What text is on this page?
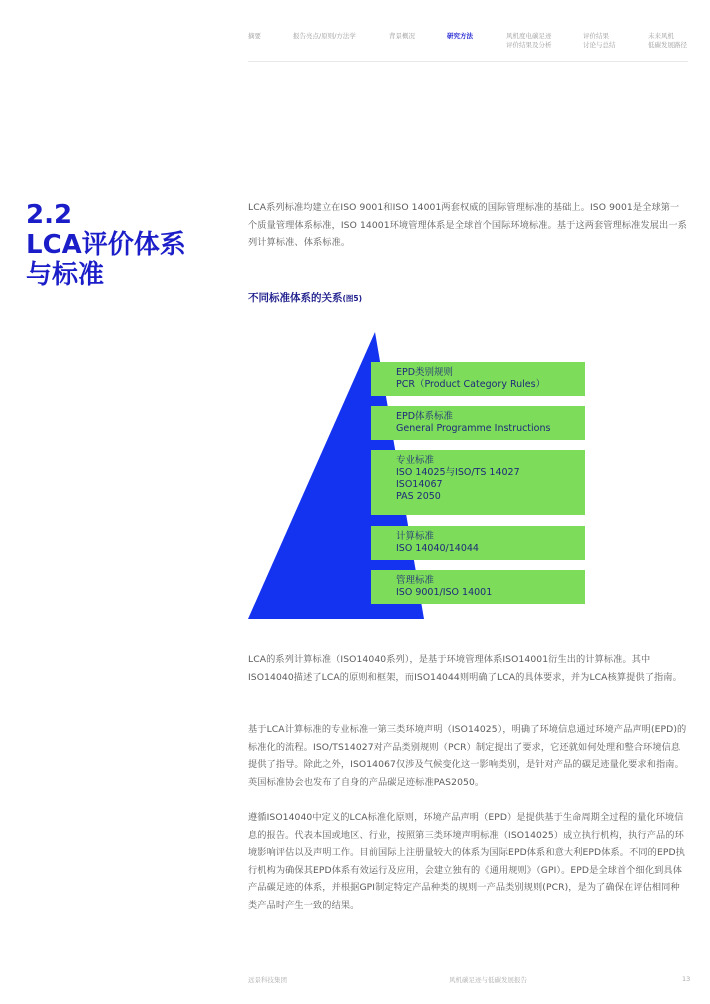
摘要	报告亮点/原则/方法学	背景概况	研究方法	风机度电碳足迹
评价结果及分析
评价结果
讨论与总结
未来风机
低碳发展路径
2.2
LCA评价体系
与标准

LCA系列标准均建立在ISO 9001和ISO 14001两套权威的国际管理标准的基础上。ISO 9001是全球第一个质量管理体系标准，ISO 14001环境管理体系是全球首个国际环境标准。基于这两套管理标准发展出一系列计算标准、体系标准。

不同标准体系的关系(图5)
EPD类别规则
PCR（Product Category Rules）
EPD体系标准
General Programme Instructions
专业标准
ISO 14025与ISO/TS 14027
ISO14067
PAS 2050
计算标准
ISO 14040/14044
管理标准
ISO 9001/ISO 14001

LCA的系列计算标准（ISO14040系列），是基于环境管理体系ISO14001衍生出的计算标准。其中ISO14040描述了LCA的原则和框架，而ISO14044则明确了LCA的具体要求，并为LCA核算提供了指南。

基于LCA计算标准的专业标准一第三类环境声明（ISO14025），明确了环境信息通过环境产品声明(EPD)的标准化的流程。ISO/TS14027对产品类别规则（PCR）制定提出了要求，它还就如何处理和整合环境信息提供了指导。除此之外，ISO14067仅涉及气候变化这一影响类别，是针对产品的碳足迹量化要求和指南。英国标准协会也发布了自身的产品碳足迹标准PAS2050。

遵循ISO14040中定义的LCA标准化原则，环境产品声明（EPD）是提供基于生命周期全过程的量化环境信息的报告。代表本国或地区、行业，按照第三类环境声明标准（ISO14025）成立执行机构，执行产品的环境影响评估以及声明工作。目前国际上注册量较大的体系为国际EPD体系和意大利EPD体系。不同的EPD执行机构为确保其EPD体系有效运行及应用，会建立独有的《通用规则》（GPI）。EPD是全球首个细化到具体产品碳足迹的体系，并根据GPI制定特定产品种类的规则一产品类别规则(PCR)，是为了确保在评估相同种类产品时产生一致的结果。

远景科技集团	风机碳足迹与低碳发展报告	13
